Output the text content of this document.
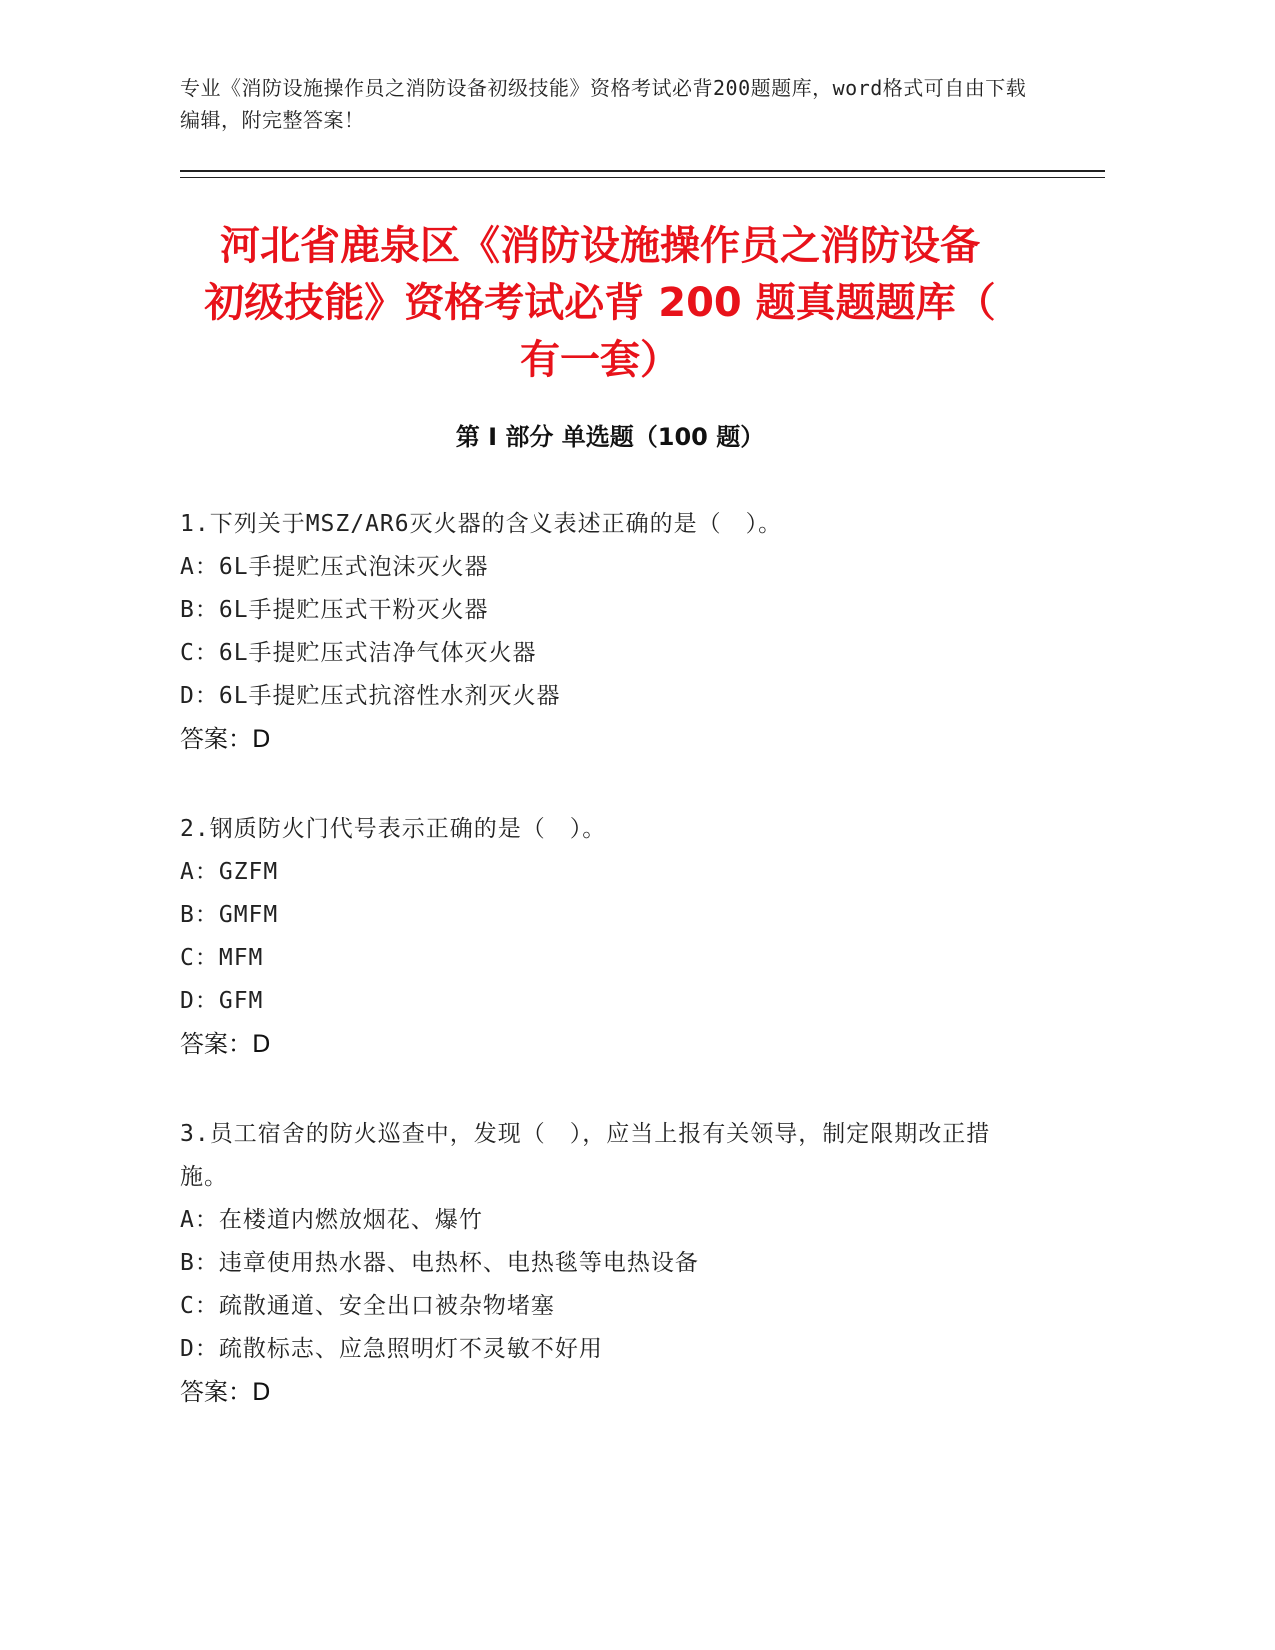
专业《消防设施操作员之消防设备初级技能》资格考试必背200题题库，word格式可自由下载编辑，附完整答案！
河北省鹿泉区《消防设施操作员之消防设备
初级技能》资格考试必背 200 题真题题库（
有一套）
第 I 部分 单选题（100 题）
1.下列关于MSZ/AR6灭火器的含义表述正确的是（　）。
A：6L手提贮压式泡沫灭火器
B：6L手提贮压式干粉灭火器
C：6L手提贮压式洁净气体灭火器
D：6L手提贮压式抗溶性水剂灭火器
答案：D
2.钢质防火门代号表示正确的是（　）。
A：GZFM
B：GMFM
C：MFM
D：GFM
答案：D
3.员工宿舍的防火巡查中，发现（　），应当上报有关领导，制定限期改正措施。
A：在楼道内燃放烟花、爆竹
B：违章使用热水器、电热杯、电热毯等电热设备
C：疏散通道、安全出口被杂物堵塞
D：疏散标志、应急照明灯不灵敏不好用
答案：D
